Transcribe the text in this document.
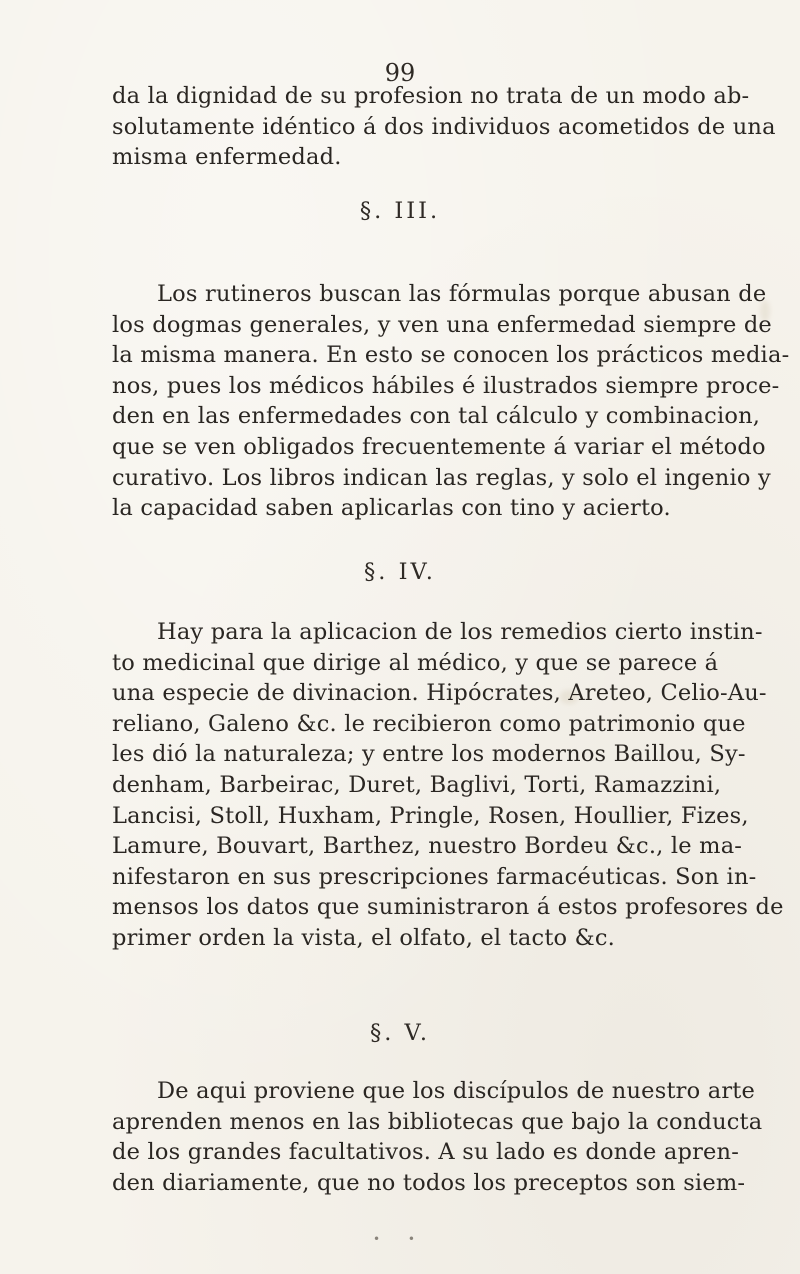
99
da la dignidad de su profesion no trata de un modo ab-
solutamente idéntico á dos individuos acometidos de una
misma enfermedad.
§. III.
Los rutineros buscan las fórmulas porque abusan de
los dogmas generales, y ven una enfermedad siempre de
la misma manera. En esto se conocen los prácticos media-
nos, pues los médicos hábiles é ilustrados siempre proce-
den en las enfermedades con tal cálculo y combinacion,
que se ven obligados frecuentemente á variar el método
curativo. Los libros indican las reglas, y solo el ingenio y
la capacidad saben aplicarlas con tino y acierto.
§. IV.
Hay para la aplicacion de los remedios cierto instin-
to medicinal que dirige al médico, y que se parece á
una especie de divinacion. Hipócrates, Areteo, Celio-Au-
reliano, Galeno &c. le recibieron como patrimonio que
les dió la naturaleza; y entre los modernos Baillou, Sy-
denham, Barbeirac, Duret, Baglivi, Torti, Ramazzini,
Lancisi, Stoll, Huxham, Pringle, Rosen, Houllier, Fizes,
Lamure, Bouvart, Barthez, nuestro Bordeu &c., le ma-
nifestaron en sus prescripciones farmacéuticas. Son in-
mensos los datos que suministraron á estos profesores de
primer orden la vista, el olfato, el tacto &c.
§. V.
De aqui proviene que los discípulos de nuestro arte
aprenden menos en las bibliotecas que bajo la conducta
de los grandes facultativos. A su lado es donde apren-
den diariamente, que no todos los preceptos son siem-
• •
